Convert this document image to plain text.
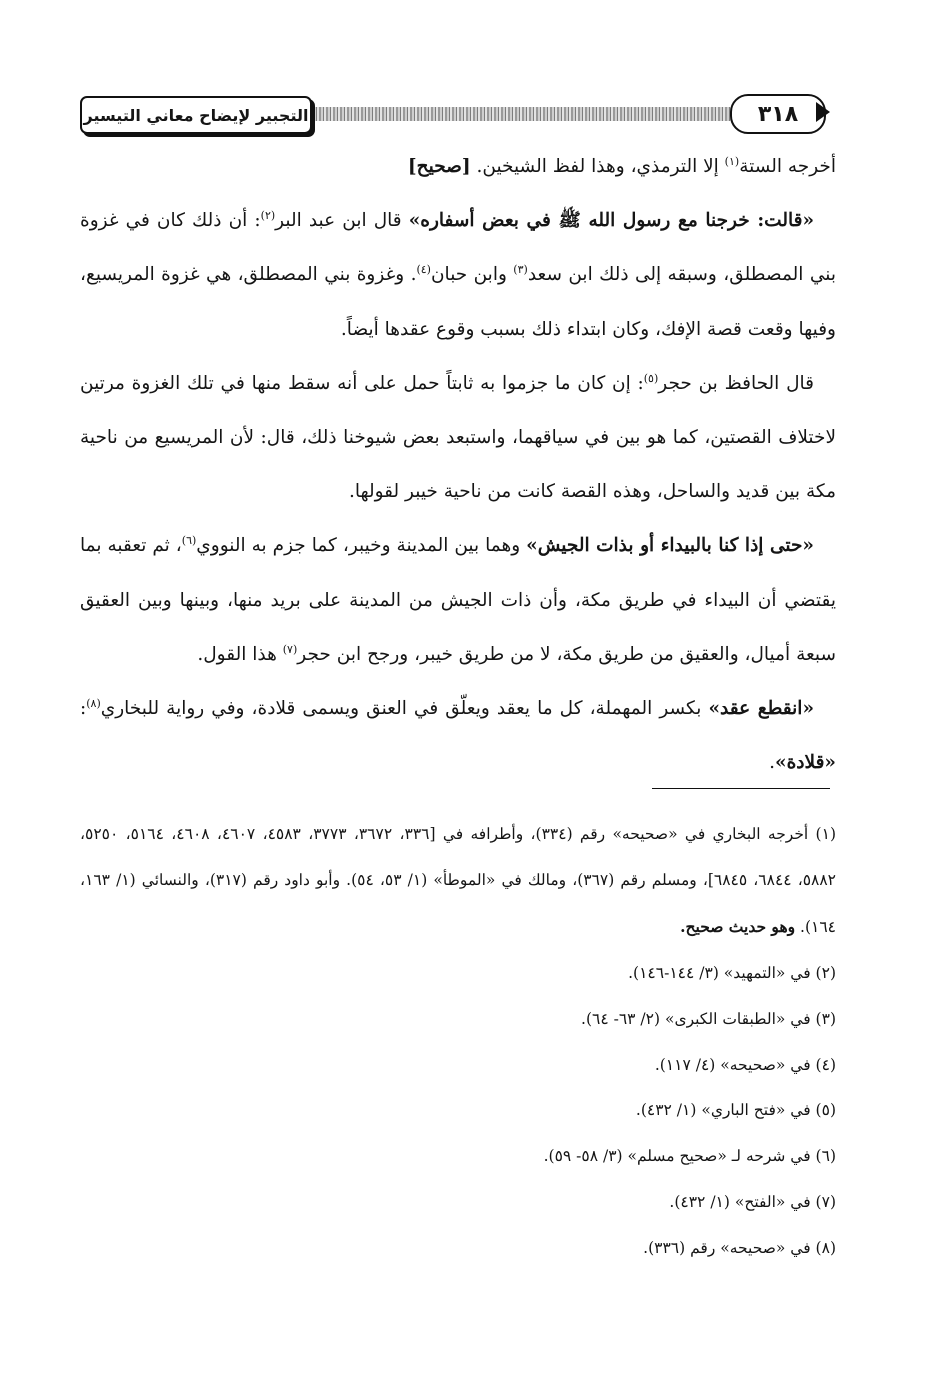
التجبير لإيضاح معاني التيسير	٣١٨

أخرجه الستة$^{(١)}$ إلا الترمذي، وهذا لفظ الشيخين. [صحيح]

«قالت: خرجنا مع رسول الله ﷺ في بعض أسفاره» قال ابن عبد البر$^{(٢)}$: أن ذلك كان في غزوة بني المصطلق، وسبقه إلى ذلك ابن سعد$^{(٣)}$ وابن حبان$^{(٤)}$. وغزوة بني المصطلق، هي غزوة المريسيع، وفيها وقعت قصة الإفك، وكان ابتداء ذلك بسبب وقوع عقدها أيضاً.

قال الحافظ بن حجر$^{(٥)}$: إن كان ما جزموا به ثابتاً حمل على أنه سقط منها في تلك الغزوة مرتين لاختلاف القصتين، كما هو بين في سياقهما، واستبعد بعض شيوخنا ذلك، قال: لأن المريسيع من ناحية مكة بين قديد والساحل، وهذه القصة كانت من ناحية خيبر لقولها.

«حتى إذا كنا بالبيداء أو بذات الجيش» وهما بين المدينة وخيبر، كما جزم به النووي$^{(٦)}$، ثم تعقبه بما يقتضي أن البيداء في طريق مكة، وأن ذات الجيش من المدينة على بريد منها، وبينها وبين العقيق سبعة أميال، والعقيق من طريق مكة، لا من طريق خيبر، ورجح ابن حجر$^{(٧)}$ هذا القول.

«انقطع عقد» بكسر المهملة، كل ما يعقد ويعلّق في العنق ويسمى قلادة، وفي رواية للبخاري$^{(٨)}$: «قلادة».

(١) أخرجه البخاري في «صحيحه» رقم (٣٣٤)، وأطرافه في [٣٣٦، ٣٦٧٢، ٣٧٧٣، ٤٥٨٣، ٤٦٠٧، ٤٦٠٨، ٥١٦٤، ٥٢٥٠، ٥٨٨٢، ٦٨٤٤، ٦٨٤٥]، ومسلم رقم (٣٦٧)، ومالك في «الموطأ» (١/ ٥٣، ٥٤). وأبو داود رقم (٣١٧)، والنسائي (١/ ١٦٣، ١٦٤). وهو حديث صحيح.

(٢) في «التمهيد» (٣/ ١٤٤-١٤٦).

(٣) في «الطبقات الكبرى» (٢/ ٦٣- ٦٤).

(٤) في «صحيحه» (٤/ ١١٧).

(٥) في «فتح الباري» (١/ ٤٣٢).

(٦) في شرحه لـ «صحيح مسلم» (٣/ ٥٨- ٥٩).

(٧) في «الفتح» (١/ ٤٣٢).

(٨) في «صحيحه» رقم (٣٣٦).
